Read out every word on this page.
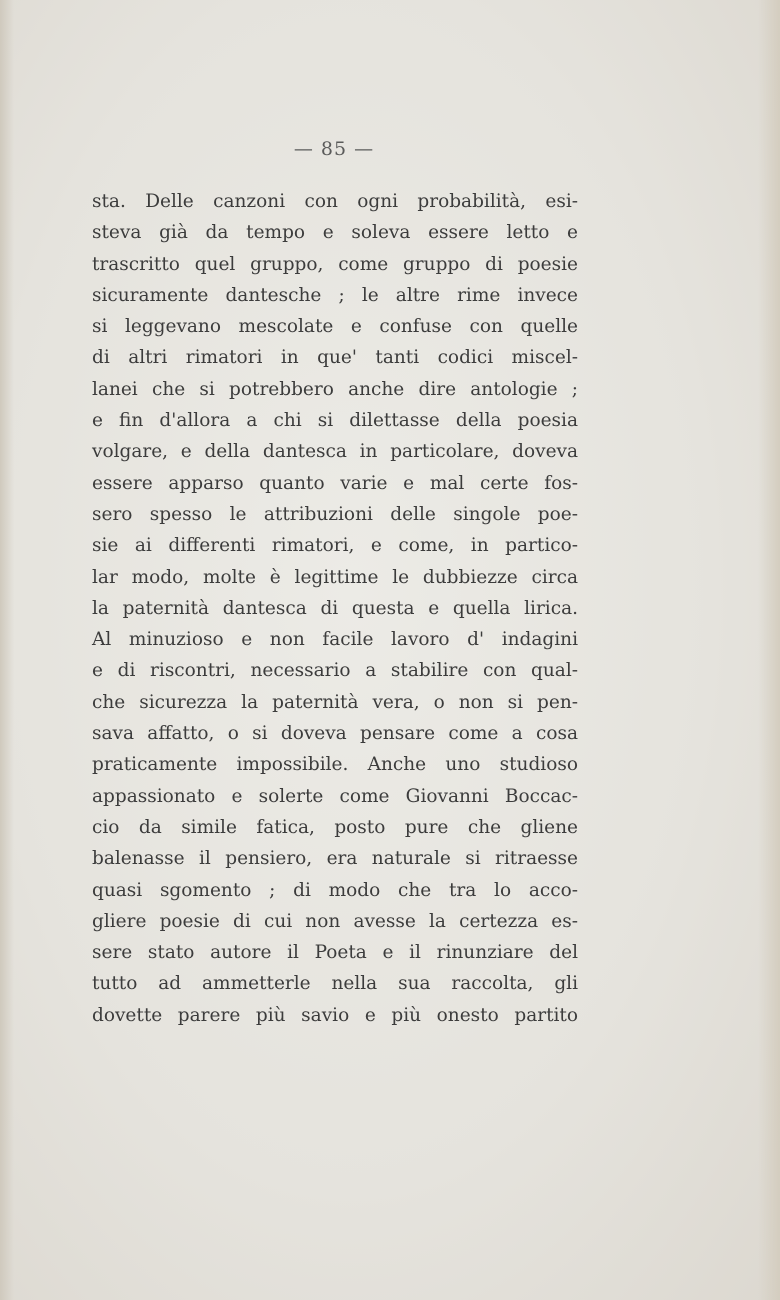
— 85 —
sta. Delle canzoni con ogni probabilità, esi-
steva già da tempo e soleva essere letto e
trascritto quel gruppo, come gruppo di poesie
sicuramente dantesche ; le altre rime invece
si leggevano mescolate e confuse con quelle
di altri rimatori in que' tanti codici miscel-
lanei che si potrebbero anche dire antologie ;
e fin d'allora a chi si dilettasse della poesia
volgare, e della dantesca in particolare, doveva
essere apparso quanto varie e mal certe fos-
sero spesso le attribuzioni delle singole poe-
sie ai differenti rimatori, e come, in partico-
lar modo, molte è legittime le dubbiezze circa
la paternità dantesca di questa e quella lirica.
Al minuzioso e non facile lavoro d' indagini
e di riscontri, necessario a stabilire con qual-
che sicurezza la paternità vera, o non si pen-
sava affatto, o si doveva pensare come a cosa
praticamente impossibile. Anche uno studioso
appassionato e solerte come Giovanni Boccac-
cio da simile fatica, posto pure che gliene
balenasse il pensiero, era naturale si ritraesse
quasi sgomento ; di modo che tra lo acco-
gliere poesie di cui non avesse la certezza es-
sere stato autore il Poeta e il rinunziare del
tutto ad ammetterle nella sua raccolta, gli
dovette parere più savio e più onesto partito
